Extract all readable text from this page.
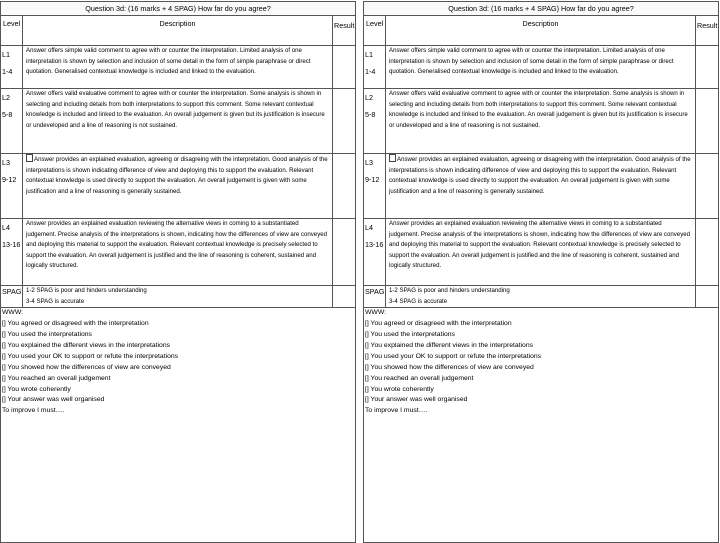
Question 3d: (16 marks + 4 SPAG) How far do you agree?		
Level	Description	Result

L1
1-4	Answer offers simple valid comment to agree with or counter the interpretation. Limited analysis of one interpretation is shown by selection and inclusion of some detail in the form of simple paraphrase or direct quotation. Generalised contextual knowledge is included and linked to the evaluation.	

L2
5-8	Answer offers valid evaluative comment to agree with or counter the interpretation. Some analysis is shown in selecting and including details from both interpretations to support this comment. Some relevant contextual knowledge is included and linked to the evaluation. An overall judgement is given but its justification is insecure or undeveloped and a line of reasoning is not sustained.	

L3
9-12	Answer provides an explained evaluation, agreeing or disagreing with the interpretation. Good analysis of the interpretations is shown indicating difference of view and deploying this to support the evaluation. Relevant contextual knowledge is used directly to support the evaluation. An overall judgement is given with some justification and a line of reasoning is generally sustained.	

L4
13-16	Answer provides an explained evaluation reviewing the alternative views in coming to a substantiated judgement. Precise analysis of the interpretations is shown, indicating how the differences of view are conveyed and deploying this material to support the evaluation. Relevant contextual knowledge is precisely selected to support the evaluation. An overall judgement is justified and the line of reasoning is coherent, sustained and logically structured.	
SPAG	1-2 SPAG is poor and hinders understanding
3-4 SPAG is accurate	

WWW:
[] You agreed or disagreed with the interpretation
[] You used the interpretations
[] You explained the different views in the interpretations
[] You used your OK to support or refute the interpretations
[] You showed how the differences of view are conveyed
[] You reached an overall judgement
[] You wrote coherently
[] Your answer was well organised
To improve I must….
Question 3d: (16 marks + 4 SPAG) How far do you agree?		
Level	Description	Result

L1
1-4	Answer offers simple valid comment to agree with or counter the interpretation. Limited analysis of one interpretation is shown by selection and inclusion of some detail in the form of simple paraphrase or direct quotation. Generalised contextual knowledge is included and linked to the evaluation.	

L2
5-8	Answer offers valid evaluative comment to agree with or counter the interpretation. Some analysis is shown in selecting and including details from both interpretations to support this comment. Some relevant contextual knowledge is included and linked to the evaluation. An overall judgement is given but its justification is insecure or undeveloped and a line of reasoning is not sustained.	

L3
9-12	Answer provides an explained evaluation, agreeing or disagreing with the interpretation. Good analysis of the interpretations is shown indicating difference of view and deploying this to support the evaluation. Relevant contextual knowledge is used directly to support the evaluation. An overall judgement is given with some justification and a line of reasoning is generally sustained.	

L4
13-16	Answer provides an explained evaluation reviewing the alternative views in coming to a substantiated judgement. Precise analysis of the interpretations is shown, indicating how the differences of view are conveyed and deploying this material to support the evaluation. Relevant contextual knowledge is precisely selected to support the evaluation. An overall judgement is justified and the line of reasoning is coherent, sustained and logically structured.	
SPAG	1-2 SPAG is poor and hinders understanding
3-4 SPAG is accurate	

WWW:
[] You agreed or disagreed with the interpretation
[] You used the interpretations
[] You explained the different views in the interpretations
[] You used your OK to support or refute the interpretations
[] You showed how the differences of view are conveyed
[] You reached an overall judgement
[] You wrote coherently
[] Your answer was well organised
To improve I must….
